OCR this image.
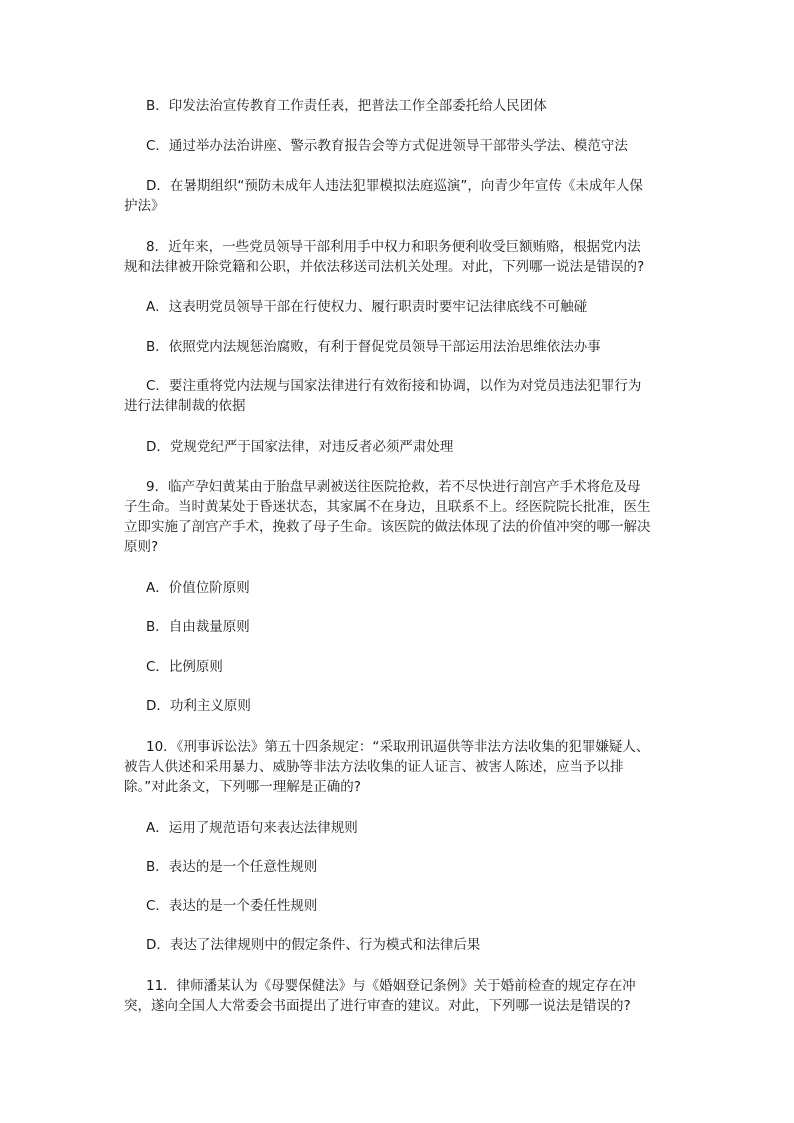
B．印发法治宣传教育工作责任表，把普法工作全部委托给人民团体

C．通过举办法治讲座、警示教育报告会等方式促进领导干部带头学法、模范守法

D．在暑期组织“预防未成年人违法犯罪模拟法庭巡演”，向青少年宣传《未成年人保护法》

8．近年来，一些党员领导干部利用手中权力和职务便利收受巨额贿赂，根据党内法规和法律被开除党籍和公职，并依法移送司法机关处理。对此，下列哪一说法是错误的?

A．这表明党员领导干部在行使权力、履行职责时要牢记法律底线不可触碰

B．依照党内法规惩治腐败，有利于督促党员领导干部运用法治思维依法办事

C．要注重将党内法规与国家法律进行有效衔接和协调，以作为对党员违法犯罪行为进行法律制裁的依据

D．党规党纪严于国家法律，对违反者必须严肃处理

9．临产孕妇黄某由于胎盘早剥被送往医院抢救，若不尽快进行剖宫产手术将危及母子生命。当时黄某处于昏迷状态，其家属不在身边，且联系不上。经医院院长批准，医生立即实施了剖宫产手术，挽救了母子生命。该医院的做法体现了法的价值冲突的哪一解决原则?

A．价值位阶原则

B．自由裁量原则

C．比例原则

D．功利主义原则

10．《刑事诉讼法》第五十四条规定：“采取刑讯逼供等非法方法收集的犯罪嫌疑人、被告人供述和采用暴力、威胁等非法方法收集的证人证言、被害人陈述，应当予以排除。”对此条文，下列哪一理解是正确的?

A．运用了规范语句来表达法律规则

B．表达的是一个任意性规则

C．表达的是一个委任性规则

D．表达了法律规则中的假定条件、行为模式和法律后果

11．律师潘某认为《母婴保健法》与《婚姻登记条例》关于婚前检查的规定存在冲突，遂向全国人大常委会书面提出了进行审查的建议。对此，下列哪一说法是错误的?
